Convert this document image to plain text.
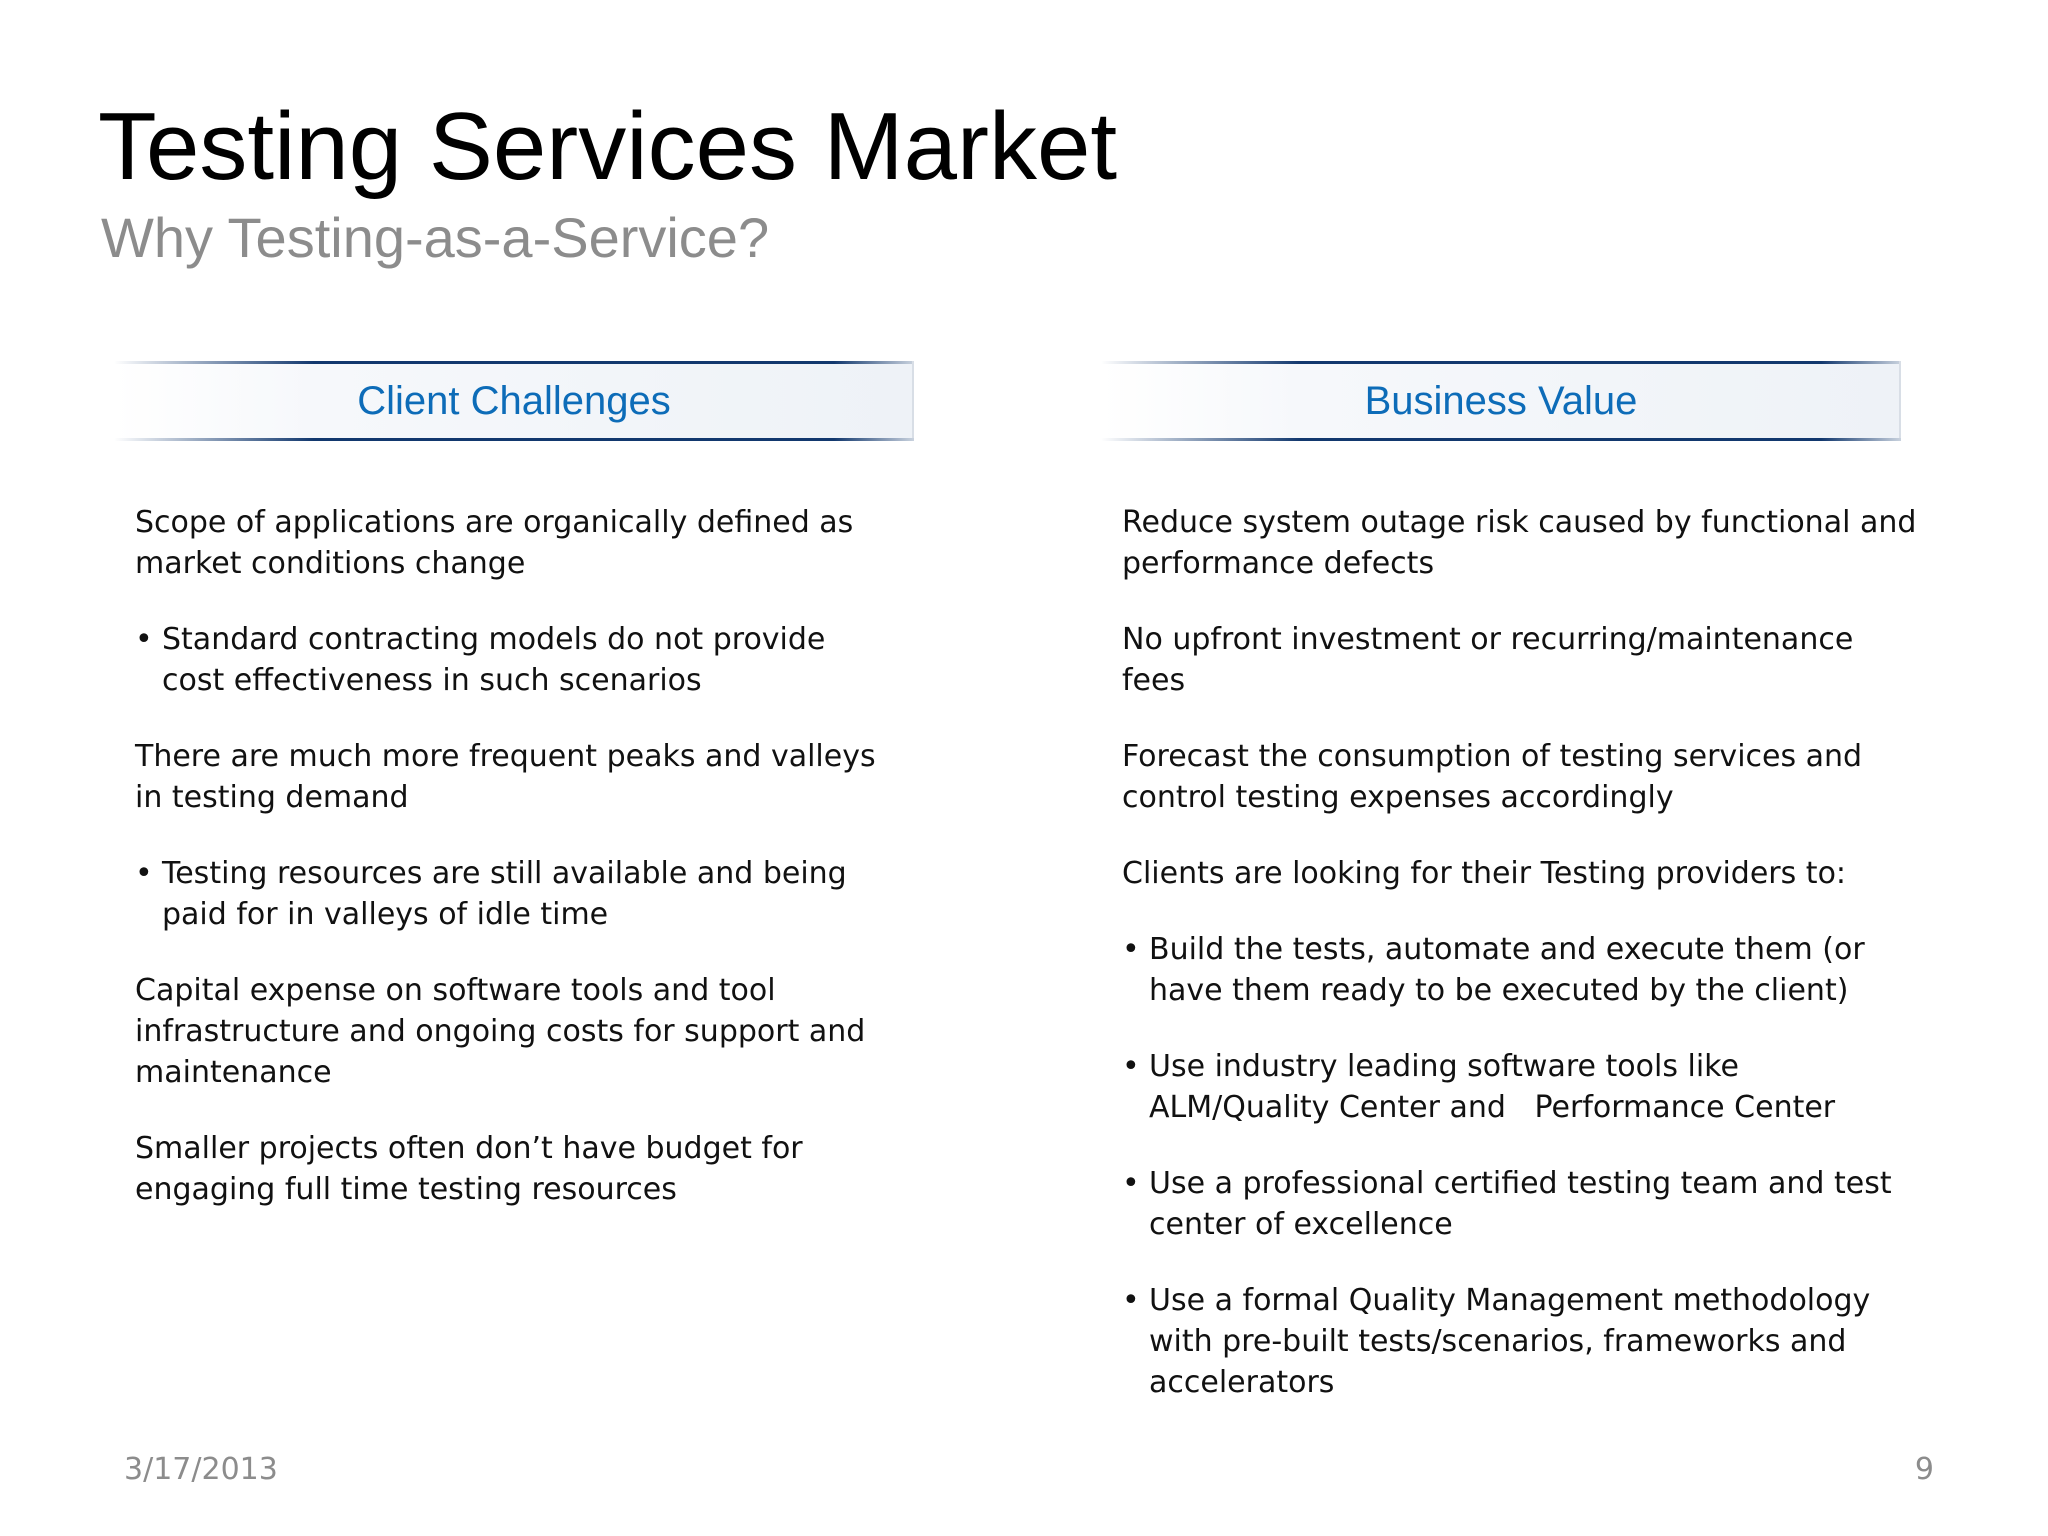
Testing Services Market
Why Testing-as-a-Service?
Client Challenges	Business Value

Scope of applications are organically defined as market conditions change

• Standard contracting models do not provide cost effectiveness in such scenarios

There are much more frequent peaks and valleys in testing demand

• Testing resources are still available and being paid for in valleys of idle time

Capital expense on software tools and tool infrastructure and ongoing costs for support and maintenance

Smaller projects often don’t have budget for engaging full time testing resources

Reduce system outage risk caused by functional and performance defects

No upfront investment or recurring/maintenance fees

Forecast the consumption of testing services and control testing expenses accordingly

Clients are looking for their Testing providers to:

• Build the tests, automate and execute them (or have them ready to be executed by the client)
• Use industry leading software tools like ALM/Quality Center and   Performance Center
• Use a professional certified testing team and test center of excellence
• Use a formal Quality Management methodology with pre-built tests/scenarios, frameworks and accelerators
3/17/2013	9
